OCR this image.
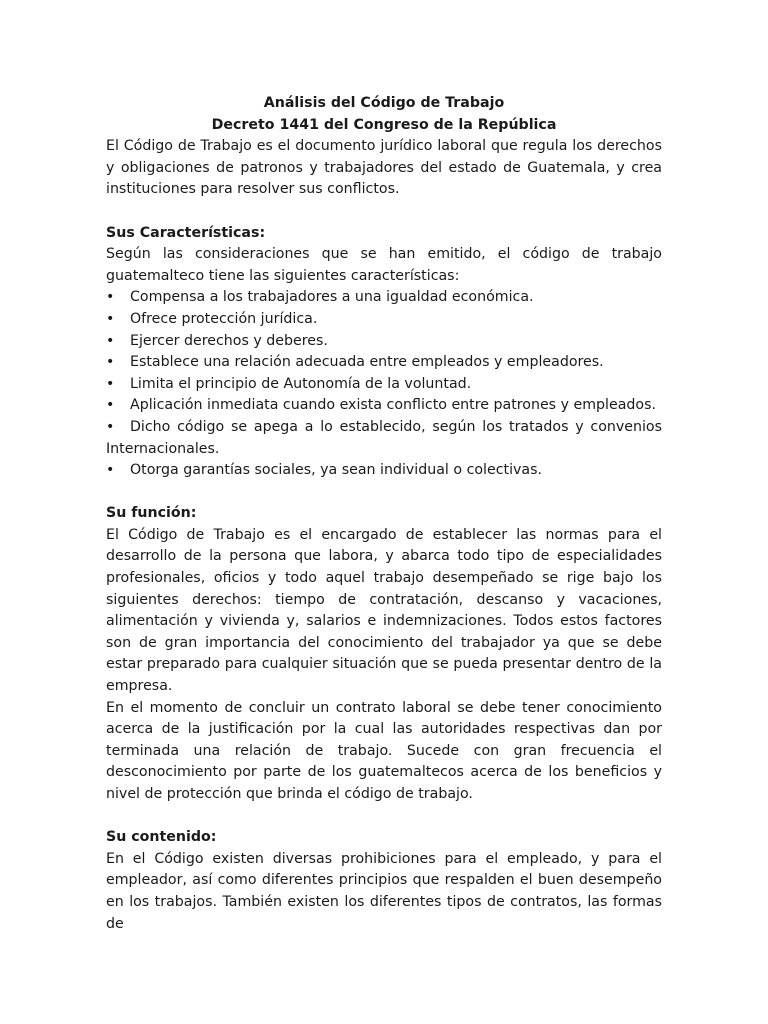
Análisis del Código de Trabajo

Decreto 1441 del Congreso de la República

El Código de Trabajo es el documento jurídico laboral que regula los derechos y obligaciones de patronos y trabajadores del estado de Guatemala, y crea instituciones para resolver sus conflictos.

Sus Características:

Según las consideraciones que se han emitido, el código de trabajo guatemalteco tiene las siguientes características:

• Compensa a los trabajadores a una igualdad económica.
• Ofrece protección jurídica.
• Ejercer derechos y deberes.
• Establece una relación adecuada entre empleados y empleadores.
• Limita el principio de Autonomía de la voluntad.
• Aplicación inmediata cuando exista conflicto entre patrones y empleados.
• Dicho código se apega a lo establecido, según los tratados y convenios Internacionales.
• Otorga garantías sociales, ya sean individual o colectivas.

Su función:

El Código de Trabajo es el encargado de establecer las normas para el desarrollo de la persona que labora, y abarca todo tipo de especialidades profesionales, oficios y todo aquel trabajo desempeñado se rige bajo los siguientes derechos: tiempo de contratación, descanso y vacaciones, alimentación y vivienda y, salarios e indemnizaciones. Todos estos factores son de gran importancia del conocimiento del trabajador ya que se debe estar preparado para cualquier situación que se pueda presentar dentro de la empresa.

En el momento de concluir un contrato laboral se debe tener conocimiento acerca de la justificación por la cual las autoridades respectivas dan por terminada una relación de trabajo. Sucede con gran frecuencia el desconocimiento por parte de los guatemaltecos acerca de los beneficios y nivel de protección que brinda el código de trabajo.

Su contenido:

En el Código existen diversas prohibiciones para el empleado, y para el empleador, así como diferentes principios que respalden el buen desempeño en los trabajos. También existen los diferentes tipos de contratos, las formas de
